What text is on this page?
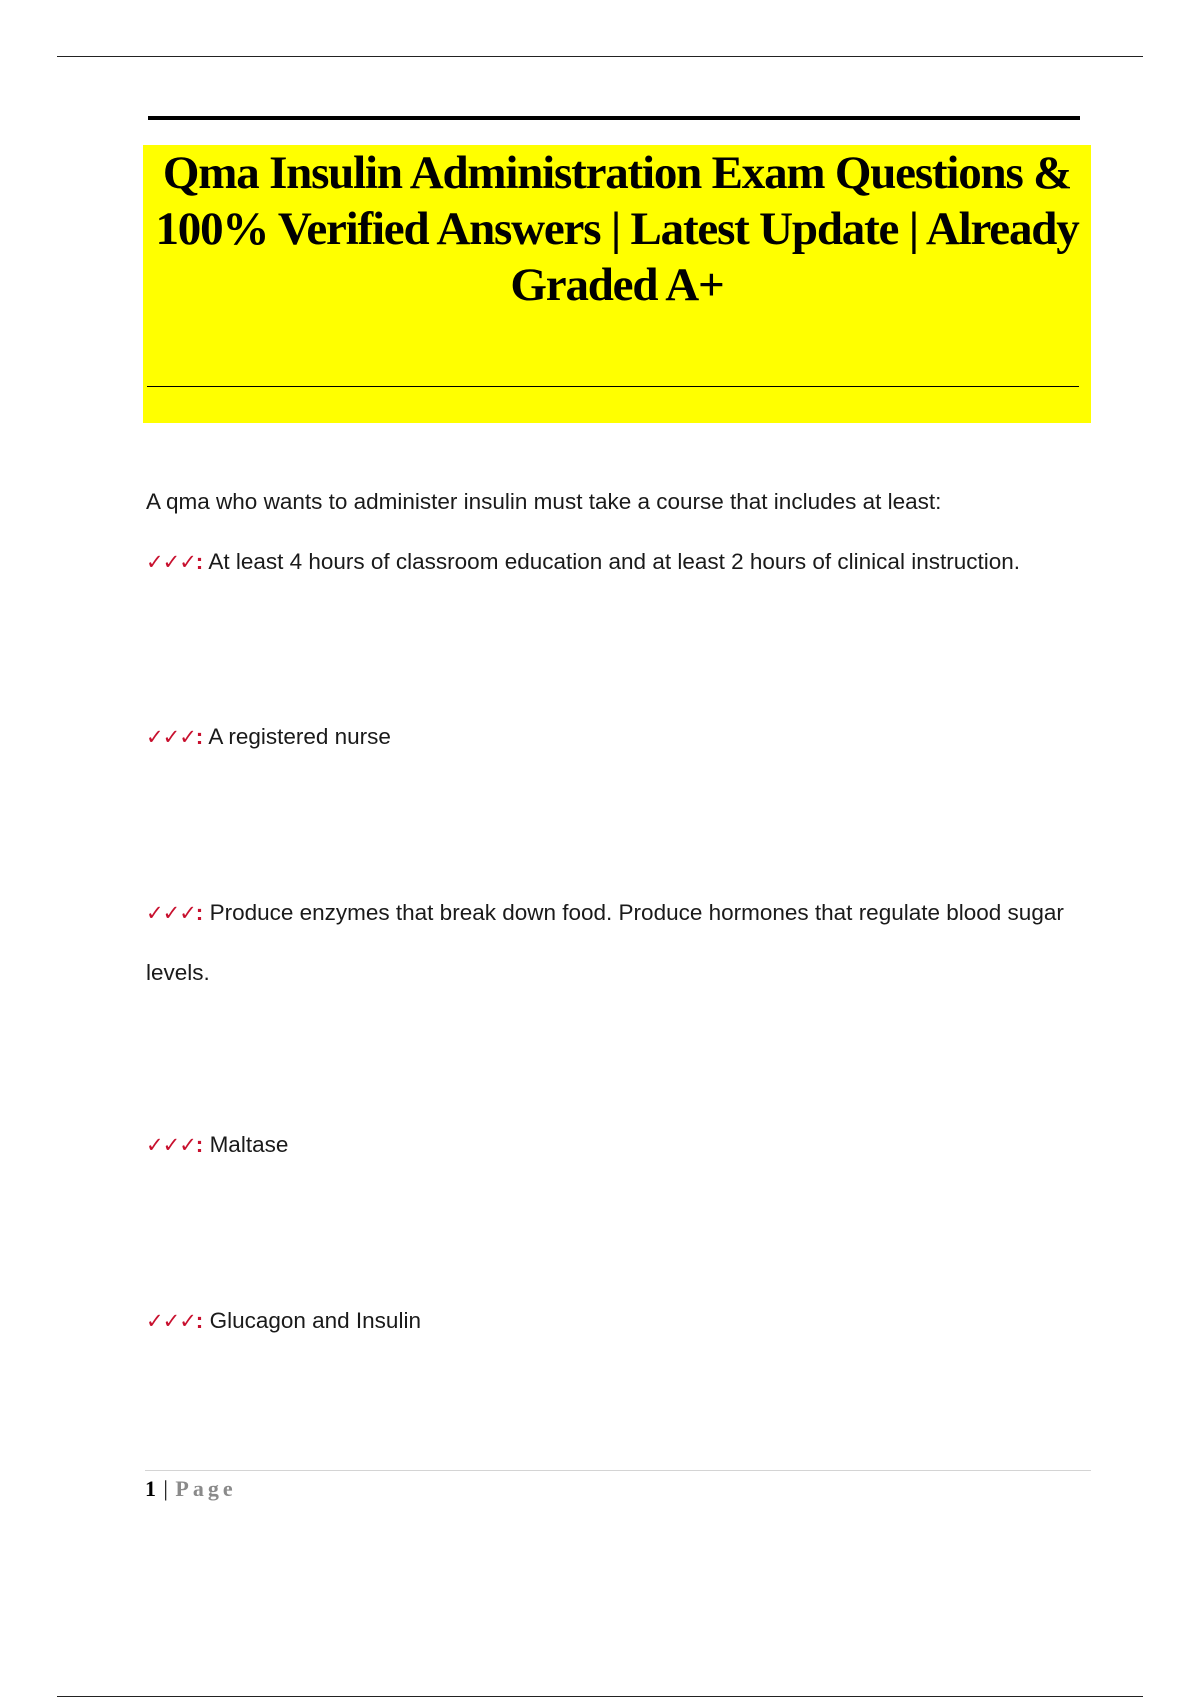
Qma Insulin Administration Exam Questions & 100% Verified Answers | Latest Update | Already Graded A+

A qma who wants to administer insulin must take a course that includes at least:

✓✓✓: At least 4 hours of classroom education and at least 2 hours of clinical instruction.

✓✓✓: A registered nurse

✓✓✓: Produce enzymes that break down food. Produce hormones that regulate blood sugar levels.

✓✓✓: Maltase

✓✓✓: Glucagon and Insulin

1 | Page
